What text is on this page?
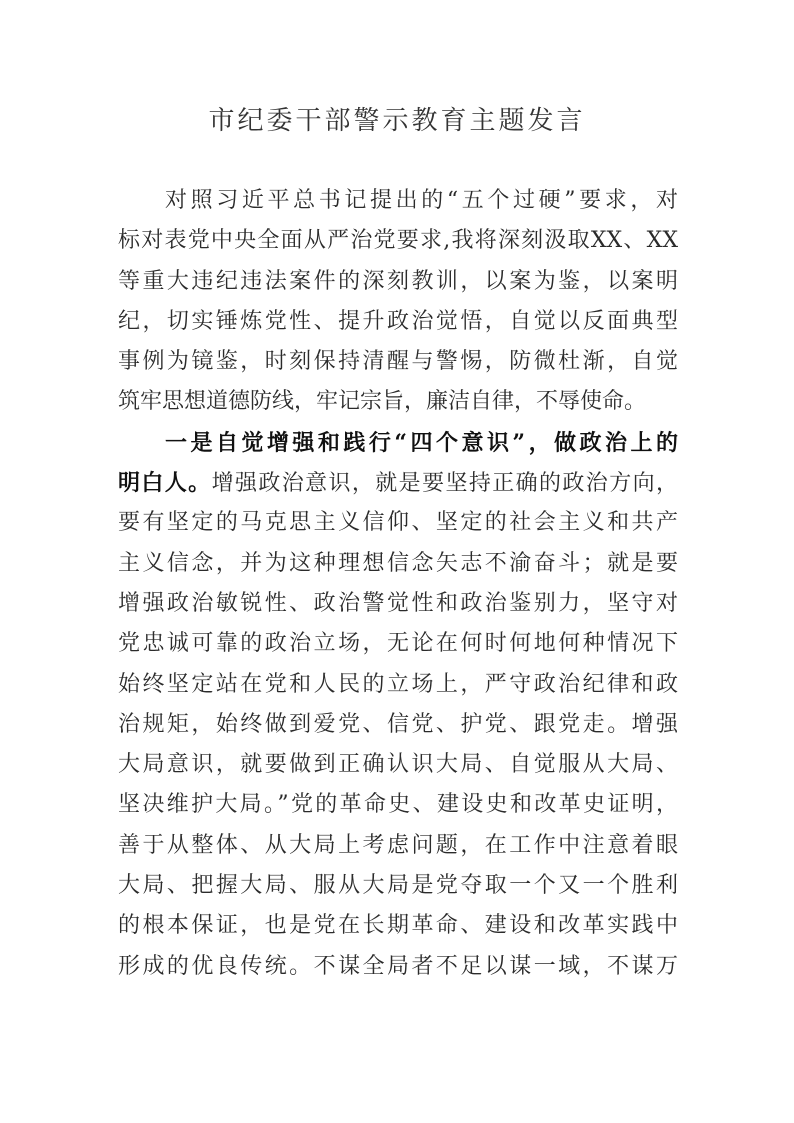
市纪委干部警示教育主题发言
对照习近平总书记提出的“五个过硬”要求，对
标对表党中央全面从严治党要求,我将深刻汲取XX、XX
等重大违纪违法案件的深刻教训，以案为鉴，以案明
纪，切实锤炼党性、提升政治觉悟，自觉以反面典型
事例为镜鉴，时刻保持清醒与警惕，防微杜渐，自觉
筑牢思想道德防线，牢记宗旨，廉洁自律，不辱使命。
一是自觉增强和践行“四个意识”，做政治上的
明白人。增强政治意识，就是要坚持正确的政治方向，
要有坚定的马克思主义信仰、坚定的社会主义和共产
主义信念，并为这种理想信念矢志不渝奋斗；就是要
增强政治敏锐性、政治警觉性和政治鉴别力，坚守对
党忠诚可靠的政治立场，无论在何时何地何种情况下
始终坚定站在党和人民的立场上，严守政治纪律和政
治规矩，始终做到爱党、信党、护党、跟党走。增强
大局意识，就要做到正确认识大局、自觉服从大局、
坚决维护大局。”党的革命史、建设史和改革史证明，
善于从整体、从大局上考虑问题，在工作中注意着眼
大局、把握大局、服从大局是党夺取一个又一个胜利
的根本保证，也是党在长期革命、建设和改革实践中
形成的优良传统。不谋全局者不足以谋一域，不谋万
